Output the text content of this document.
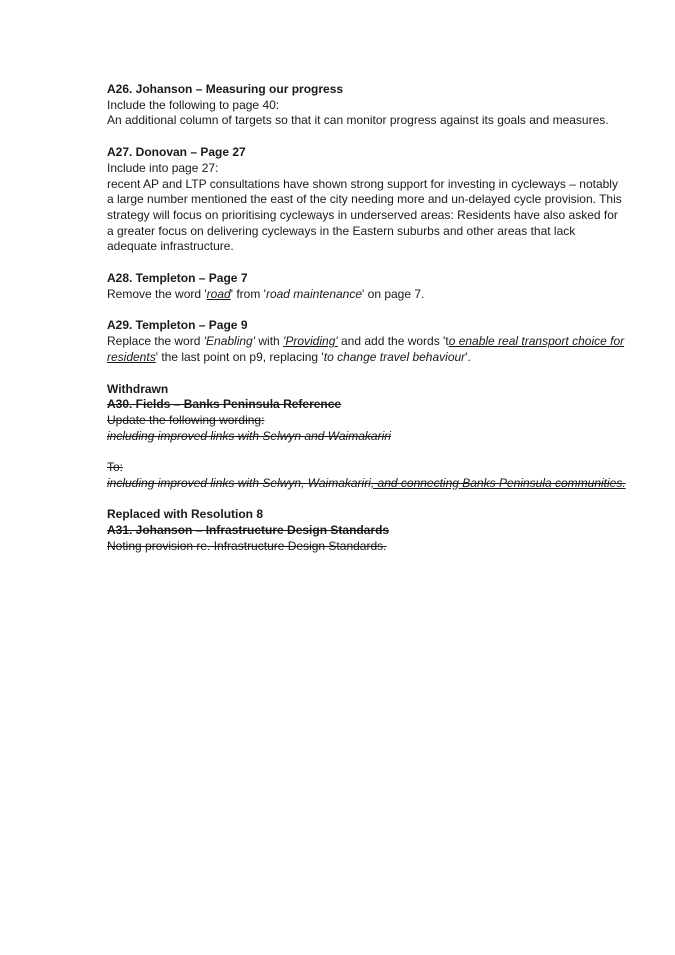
A26. Johanson – Measuring our progress
Include the following to page 40:
An additional column of targets so that it can monitor progress against its goals and measures.
A27. Donovan – Page 27
Include into page 27:
recent AP and LTP consultations have shown strong support for investing in cycleways – notably a large number mentioned the east of the city needing more and un-delayed cycle provision. This strategy will focus on prioritising cycleways in underserved areas: Residents have also asked for a greater focus on delivering cycleways in the Eastern suburbs and other areas that lack adequate infrastructure.
A28. Templeton – Page 7
Remove the word 'road' from 'road maintenance' on page 7.
A29. Templeton – Page 9
Replace the word 'Enabling' with 'Providing' and add the words 'to enable real transport choice for residents' the last point on p9, replacing 'to change travel behaviour'.
Withdrawn
A30. Fields – Banks Peninsula Reference
Update the following wording:
including improved links with Selwyn and Waimakariri
To:
including improved links with Selwyn, Waimakariri, and connecting Banks Peninsula communities.
Replaced with Resolution 8
A31. Johanson – Infrastructure Design Standards
Noting provision re. Infrastructure Design Standards.
